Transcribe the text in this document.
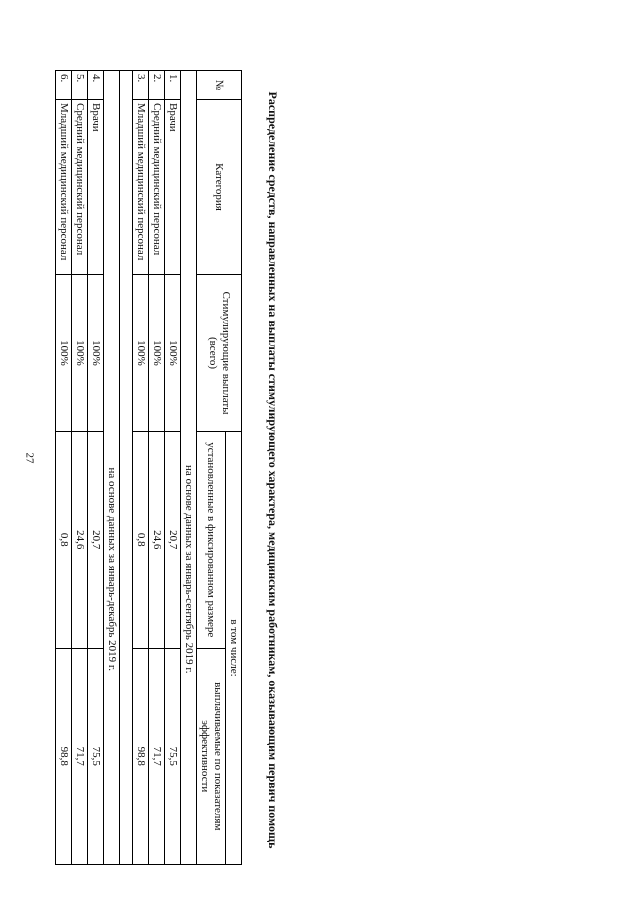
27	Распределение средств, направленных на выплаты стимулирующего характера, медицинским работникам, оказывающим первич помощь

№	Категория	Стимулирующие выплаты (всего)	в том числе:	
			установленные в фиксированном размере	выплачиваемые по показателям эффективности
		на основе данных за январь-сентябрь 2019 г.		
1.	Врачи	100%	20,7	75,5
2.	Средний медицинский персонал	100%	24,6	71,7
3.	Младший медицинский персонал	100%	0,8	98,8

		на основе данных за январь-декабрь 2019 г.		
4.	Врачи	100%	20,7	75,5
5.	Средний медицинский персонал	100%	24,6	71,7
6.	Младший медицинский персонал	100%	0,8	98,8
